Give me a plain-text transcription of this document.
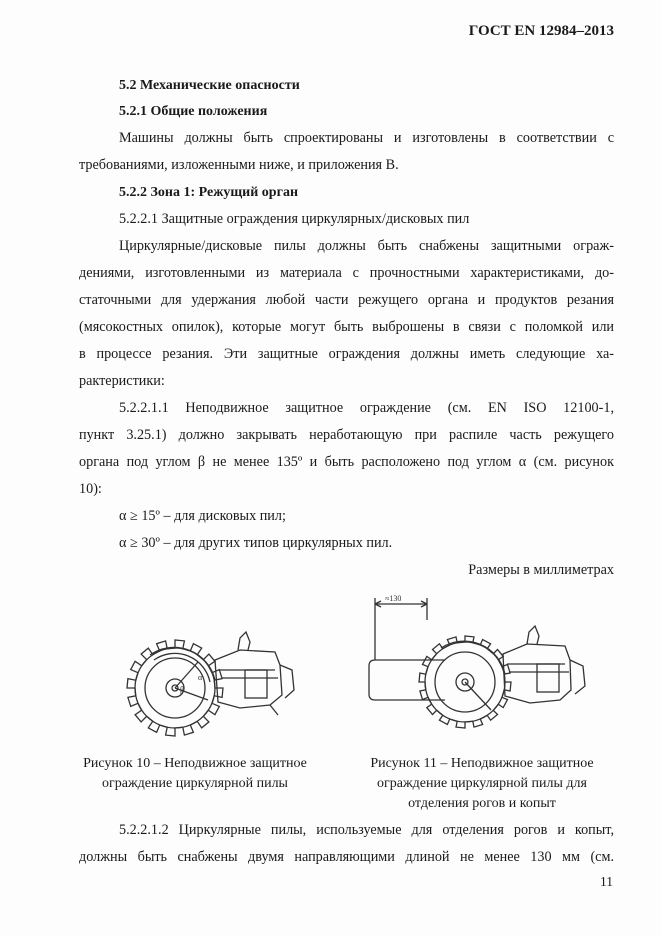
ГОСТ EN 12984–2013
5.2 Механические опасности
5.2.1 Общие положения
Машины должны быть спроектированы и изготовлены в соответствии с
требованиями, изложенными ниже, и приложения B.
5.2.2 Зона 1: Режущий орган
5.2.2.1 Защитные ограждения циркулярных/дисковых пил
Циркулярные/дисковые пилы должны быть снабжены защитными ограж-
дениями, изготовленными из материала с прочностными характеристиками, до-
статочными для удержания любой части режущего органа и продуктов резания
(мясокостных опилок), которые могут быть выброшены в связи с поломкой или
в процессе резания. Эти защитные ограждения должны иметь следующие ха-
рактеристики:
5.2.2.1.1 Неподвижное защитное ограждение (см. EN ISO 12100-1,
пункт 3.25.1) должно закрывать неработающую при распиле часть режущего
органа под углом β не менее 135º и быть расположено под углом α (см. рисунок
10):
α ≥ 15º – для дисковых пил;
α ≥ 30º – для других типов циркулярных пил.
Размеры в миллиметрах
β
α
≈130
Рисунок 10 – Неподвижное защитное
ограждение циркулярной пилы
Рисунок 11 – Неподвижное защитное
ограждение циркулярной пилы для
отделения рогов и копыт
5.2.2.1.2 Циркулярные пилы, используемые для отделения рогов и копыт,
должны быть снабжены двумя направляющими длиной не менее 130 мм (см.
11
